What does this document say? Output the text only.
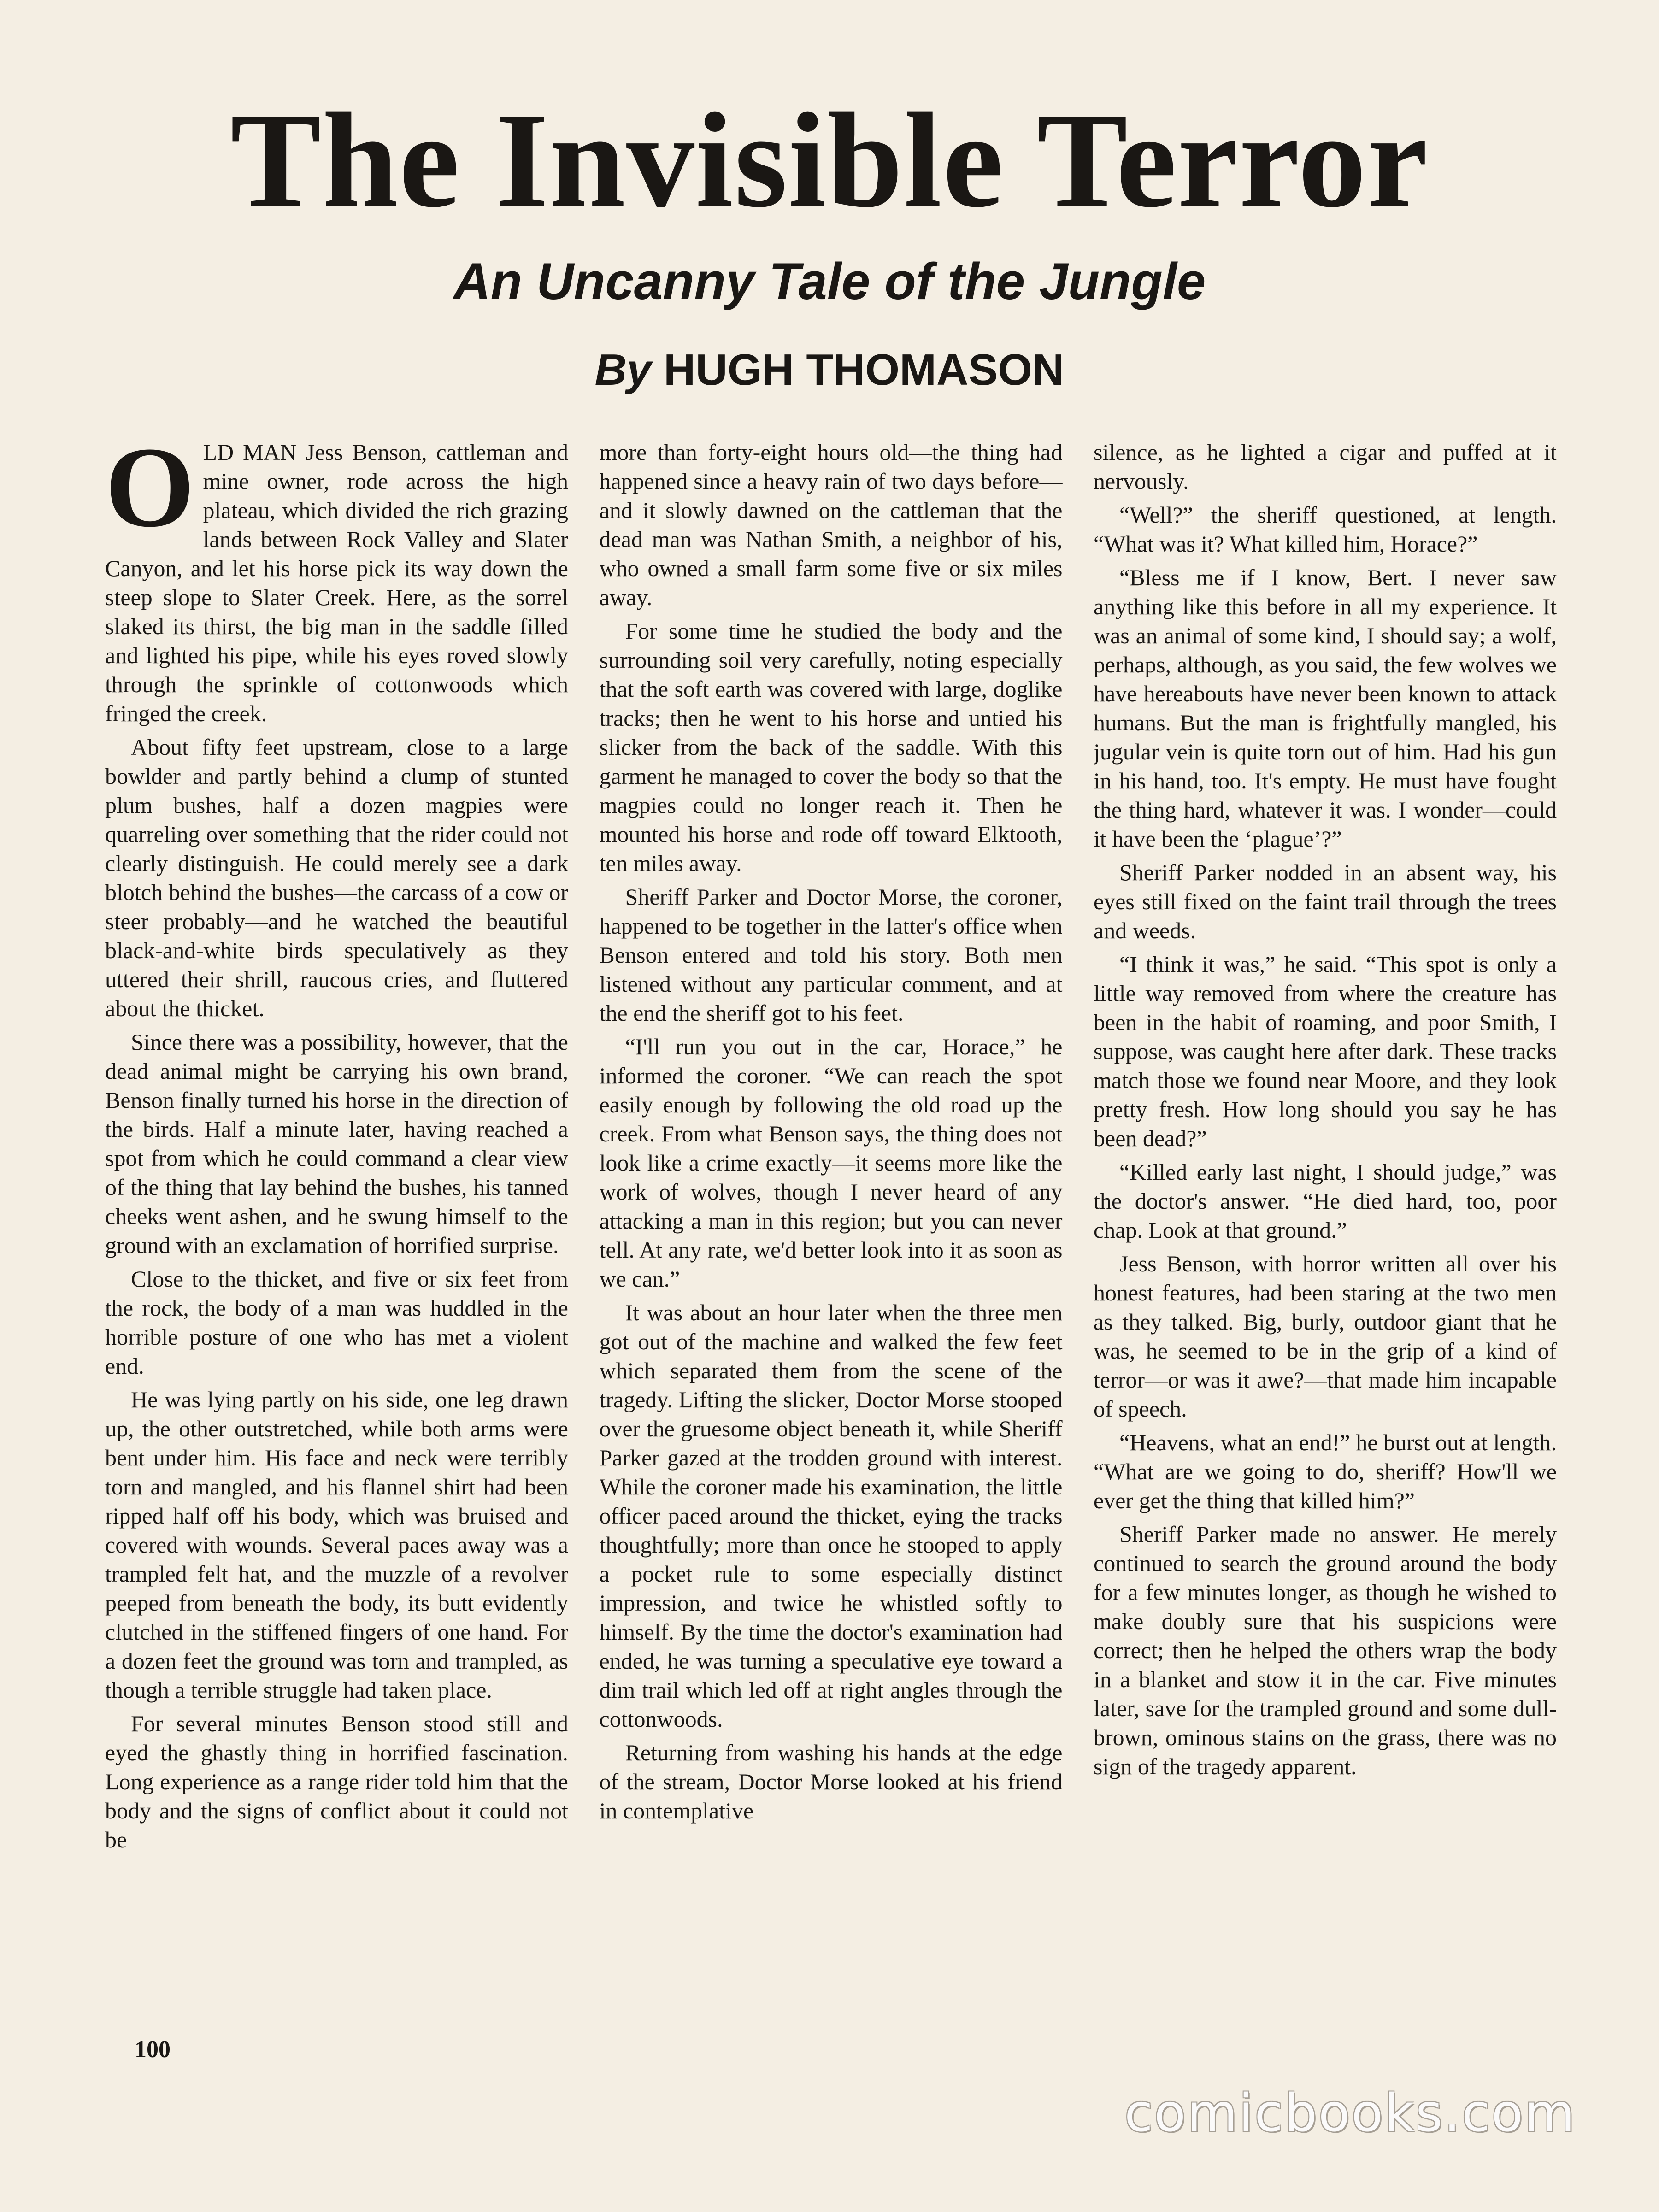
The Invisible Terror
An Uncanny Tale of the Jungle
By HUGH THOMASON

OLD MAN Jess Benson, cattleman and mine owner, rode across the high plateau, which divided the rich grazing lands between Rock Valley and Slater Canyon, and let his horse pick its way down the steep slope to Slater Creek. Here, as the sorrel slaked its thirst, the big man in the saddle filled and lighted his pipe, while his eyes roved slowly through the sprinkle of cottonwoods which fringed the creek.

About fifty feet upstream, close to a large bowlder and partly behind a clump of stunted plum bushes, half a dozen magpies were quarreling over something that the rider could not clearly distinguish. He could merely see a dark blotch behind the bushes—the carcass of a cow or steer probably—and he watched the beautiful black-and-white birds speculatively as they uttered their shrill, raucous cries, and fluttered about the thicket.

Since there was a possibility, however, that the dead animal might be carrying his own brand, Benson finally turned his horse in the direction of the birds. Half a minute later, having reached a spot from which he could command a clear view of the thing that lay behind the bushes, his tanned cheeks went ashen, and he swung himself to the ground with an exclamation of horrified surprise.

Close to the thicket, and five or six feet from the rock, the body of a man was huddled in the horrible posture of one who has met a violent end.

He was lying partly on his side, one leg drawn up, the other outstretched, while both arms were bent under him. His face and neck were terribly torn and mangled, and his flannel shirt had been ripped half off his body, which was bruised and covered with wounds. Several paces away was a trampled felt hat, and the muzzle of a revolver peeped from beneath the body, its butt evidently clutched in the stiffened fingers of one hand. For a dozen feet the ground was torn and trampled, as though a terrible struggle had taken place.

For several minutes Benson stood still and eyed the ghastly thing in horrified fascination. Long experience as a range rider told him that the body and the signs of conflict about it could not be

more than forty-eight hours old—the thing had happened since a heavy rain of two days before—and it slowly dawned on the cattleman that the dead man was Nathan Smith, a neighbor of his, who owned a small farm some five or six miles away.

For some time he studied the body and the surrounding soil very carefully, noting especially that the soft earth was covered with large, doglike tracks; then he went to his horse and untied his slicker from the back of the saddle. With this garment he managed to cover the body so that the magpies could no longer reach it. Then he mounted his horse and rode off toward Elktooth, ten miles away.

Sheriff Parker and Doctor Morse, the coroner, happened to be together in the latter's office when Benson entered and told his story. Both men listened without any particular comment, and at the end the sheriff got to his feet.

“I'll run you out in the car, Horace,” he informed the coroner. “We can reach the spot easily enough by following the old road up the creek. From what Benson says, the thing does not look like a crime exactly—it seems more like the work of wolves, though I never heard of any attacking a man in this region; but you can never tell. At any rate, we'd better look into it as soon as we can.”

It was about an hour later when the three men got out of the machine and walked the few feet which separated them from the scene of the tragedy. Lifting the slicker, Doctor Morse stooped over the gruesome object beneath it, while Sheriff Parker gazed at the trodden ground with interest. While the coroner made his examination, the little officer paced around the thicket, eying the tracks thoughtfully; more than once he stooped to apply a pocket rule to some especially distinct impression, and twice he whistled softly to himself. By the time the doctor's examination had ended, he was turning a speculative eye toward a dim trail which led off at right angles through the cottonwoods.

Returning from washing his hands at the edge of the stream, Doctor Morse looked at his friend in contemplative

silence, as he lighted a cigar and puffed at it nervously.

“Well?” the sheriff questioned, at length. “What was it? What killed him, Horace?”

“Bless me if I know, Bert. I never saw anything like this before in all my experience. It was an animal of some kind, I should say; a wolf, perhaps, although, as you said, the few wolves we have hereabouts have never been known to attack humans. But the man is frightfully mangled, his jugular vein is quite torn out of him. Had his gun in his hand, too. It's empty. He must have fought the thing hard, whatever it was. I wonder—could it have been the ‘plague’?”

Sheriff Parker nodded in an absent way, his eyes still fixed on the faint trail through the trees and weeds.

“I think it was,” he said. “This spot is only a little way removed from where the creature has been in the habit of roaming, and poor Smith, I suppose, was caught here after dark. These tracks match those we found near Moore, and they look pretty fresh. How long should you say he has been dead?”

“Killed early last night, I should judge,” was the doctor's answer. “He died hard, too, poor chap. Look at that ground.”

Jess Benson, with horror written all over his honest features, had been staring at the two men as they talked. Big, burly, outdoor giant that he was, he seemed to be in the grip of a kind of terror—or was it awe?—that made him incapable of speech.

“Heavens, what an end!” he burst out at length. “What are we going to do, sheriff? How'll we ever get the thing that killed him?”

Sheriff Parker made no answer. He merely continued to search the ground around the body for a few minutes longer, as though he wished to make doubly sure that his suspicions were correct; then he helped the others wrap the body in a blanket and stow it in the car. Five minutes later, save for the trampled ground and some dull-brown, ominous stains on the grass, there was no sign of the tragedy apparent.

100
comicbooks.com
